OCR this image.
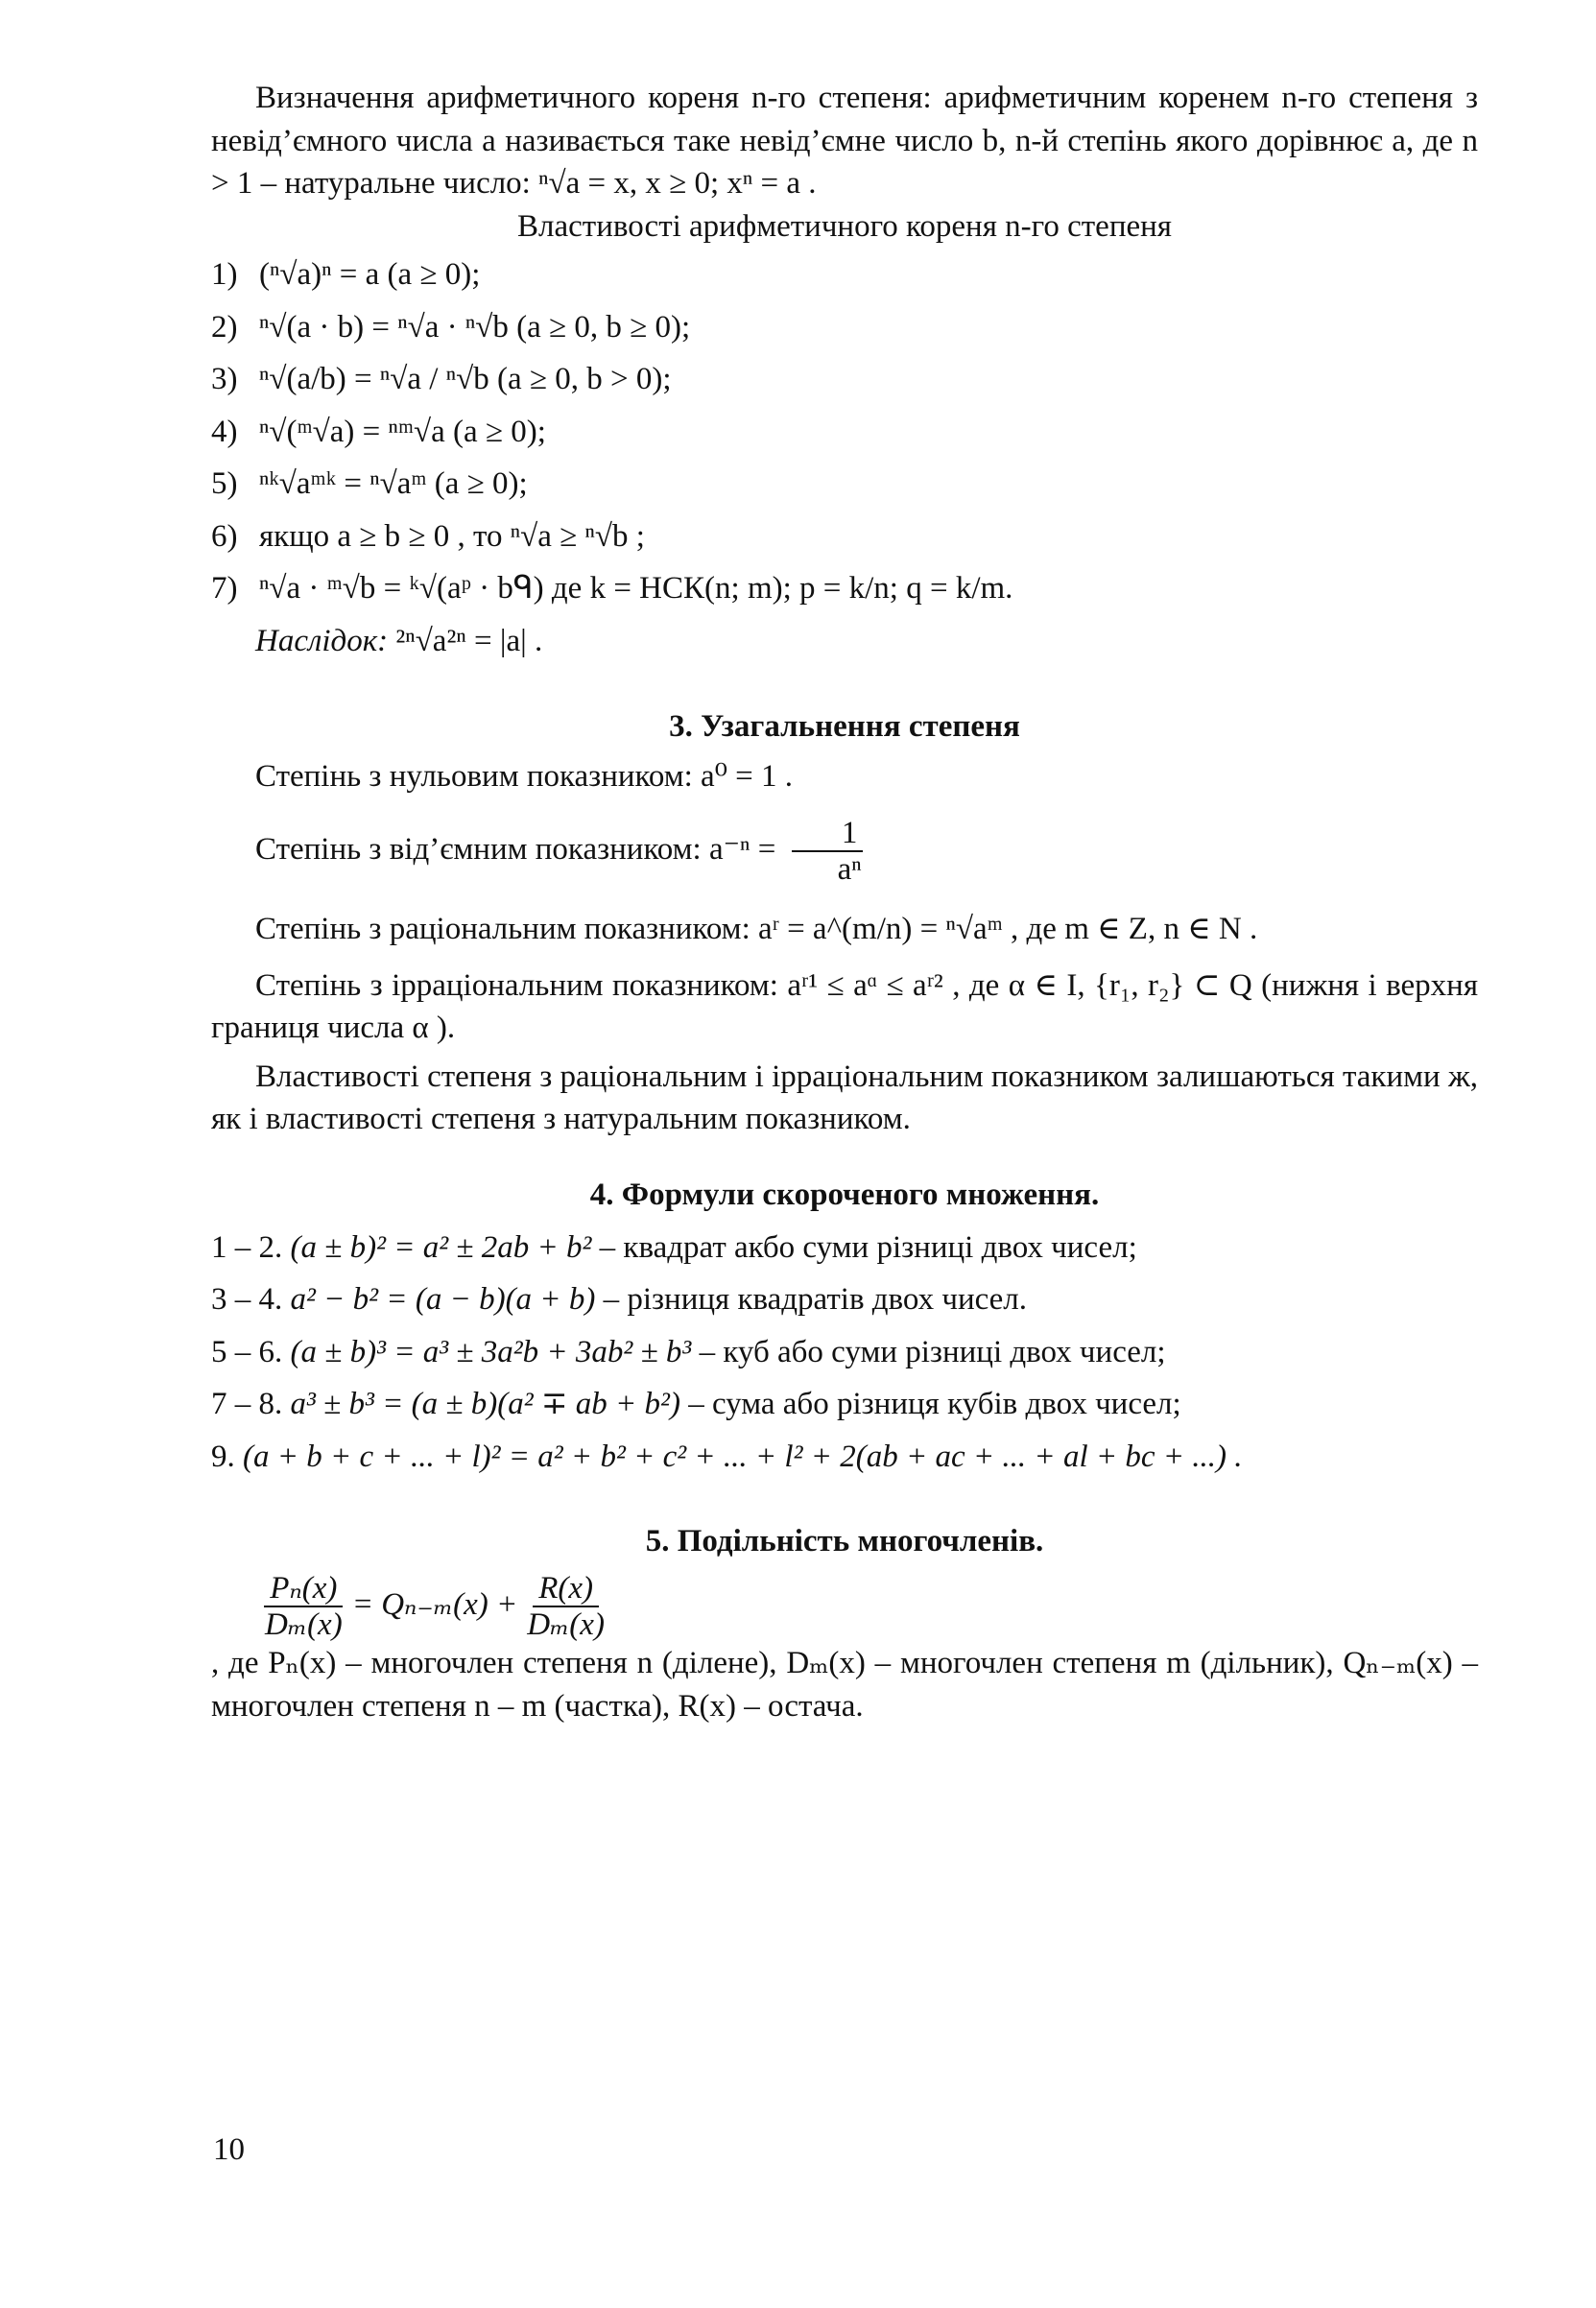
Визначення арифметичного кореня n-го степеня: арифметичним коренем n-го степеня з невід’ємного числа a називається таке невід’ємне число b, n-й степінь якого дорівнює a, де n > 1 – натуральне число: ⁿ√a = x, x ≥ 0; xⁿ = a .

Властивості арифметичного кореня n-го степеня

1) (ⁿ√a)ⁿ = a (a ≥ 0);
2) ⁿ√(a · b) = ⁿ√a · ⁿ√b (a ≥ 0, b ≥ 0);
3) ⁿ√(a/b) = ⁿ√a / ⁿ√b (a ≥ 0, b > 0);
4) ⁿ√(ᵐ√a) = ⁿᵐ√a (a ≥ 0);
5) ⁿᵏ√aᵐᵏ = ⁿ√aᵐ (a ≥ 0);
6) якщо a ≥ b ≥ 0 , то ⁿ√a ≥ ⁿ√b ;
7) ⁿ√a · ᵐ√b = ᵏ√(aᵖ · bᑫ) де k = НСК(n; m); p = k/n; q = k/m.
Наслідок: ²ⁿ√a²ⁿ = |a| .

3. Узагальнення степеня

Степінь з нульовим показником: a⁰ = 1 .

Степінь з від’ємним показником: $a^{-n} = \frac{1}{\text{aⁿ}}$

Степінь з раціональним показником: aʳ = a^(m/n) = ⁿ√aᵐ , де m ∈ Z, n ∈ N .

Степінь з ірраціональним показником: aʳ¹ ≤ aᵅ ≤ aʳ² , де α ∈ I, {r₁, r₂} ⊂ Q (нижня і верхня границя числа α ).

Властивості степеня з раціональним і ірраціональним показником залишаються такими ж, як і властивості степеня з натуральним показником.

4. Формули скороченого множення.

1 – 2. (a ± b)² = a² ± 2ab + b² – квадрат акбо суми різниці двох чисел;
3 – 4. a² − b² = (a − b)(a + b) – різниця квадратів двох чисел.
5 – 6. (a ± b)³ = a³ ± 3a²b + 3ab² ± b³ – куб або суми різниці двох чисел;
7 – 8. a³ ± b³ = (a ± b)(a² ∓ ab + b²) – сума або різниця кубів двох чисел;
9. (a + b + c + ... + l)² = a² + b² + c² + ... + l² + 2(ab + ac + ... + al + bc + ...) .

5. Подільність многочленів.

$\frac{\text{Pₙ(x)}}{\text{Dₘ(x)}} = Q_{n-m}(x) + \frac{R(x)}{\text{Dₘ(x)}}$

, де Pₙ(x) – многочлен степеня n (ділене), Dₘ(x) – многочлен степеня m (дільник), Qₙ₋ₘ(x) – многочлен степеня n – m (частка), R(x) – остача.

10
